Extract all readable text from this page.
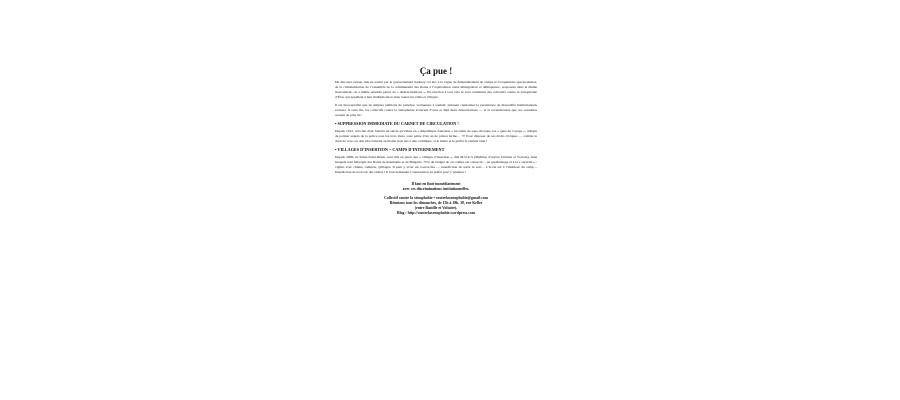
Ça pue !
Du discours raciste, mis en œuvre par le gouvernement Sarkozy cet été, à la vague de démantèlement de camps et d’expulsions spectaculaires, de la criminalisation de l’ensemble de la communauté des Roms à l’équivalence entre immigration et délinquance, proposées dans le même mouvement, on a même entendu parler de « déstructurations ». En réaction à tout cela se sont constitués des collectifs contre la xénophobie d’État, qui appellent à leur multiplication dans toutes les villes et villages.
Il est inacceptable que de simples pétitions de principe, vertueuses à souhait, puissent cautionner la persistance de dispositifs institutionnels racistes. À cette fin, les collectifs contre la xénophobie avancent d’ores et déjà deux dénonciations — et la revendication que ces scandales cessent au plus tôt :
• SUPPRESSION IMMEDIATE DU CARNET DE CIRCULATION !
Depuis 1912, cela fait donc bientôt un siècle qu’existe en « République française » un statut de sous-citoyens, les « gens du voyage », obligés de pointer auprès de la police tous les trois mois, sous peine d’un an de prison ferme… !!! Pour disposer de ses droits civiques — comme le droit de vote, on doit être rattaché au moins trois ans à une commune, si le maire et le préfet le veulent bien !
• VILLAGES D’INSERTION = CAMPS D’INTERNEMENT
Depuis 2006, en Seine-Saint-Denis, sont mis en place des « villages d’insertion », dits M.O.U.S (Maîtrise d’œuvre Urbaine et Sociale), dans lesquels sont hébergés des Roms de Roumanie et de Bulgarie. 75% du budget de ces camps est consacré… au gardiennage et à la « sécurité » : vigiles avec chiens, caméras, grillages. Il peut y avoir un couvre-feu — interdiction de sortir le soir… L’école est à l’intérieur du camp… Interdiction de recevoir des visites ! Il faut demander l’autorisation au préfet pour y pénétrer !
Il faut en finir immédiatement
avec ces discriminations institutionnelles.
Collectif contre la xénophobie • contrelaxenophobie@gmail.com
Réunions tous les dimanches, de 15h à 18h. 38, rue Keller
(entre Bastille et Voltaire).
Blog : http://contrelaxenophobie.wordpress.com
